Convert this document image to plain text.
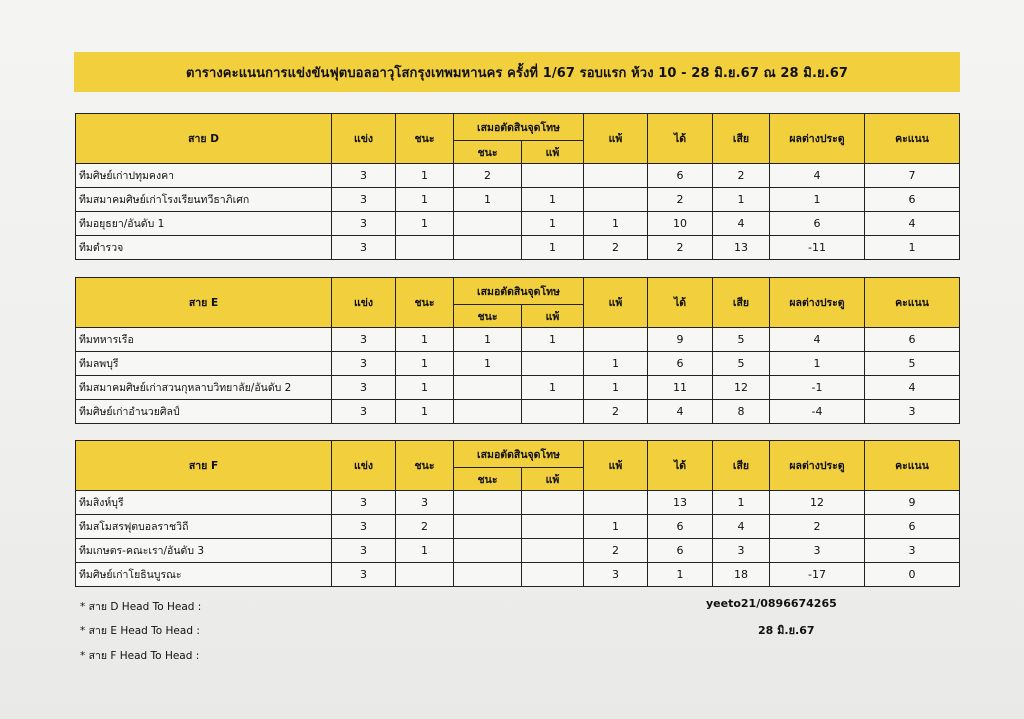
ตารางคะแนนการแข่งขันฟุตบอลอาวุโสกรุงเทพมหานคร ครั้งที่ 1/67 รอบแรก ห้วง 10 - 28 มิ.ย.67 ณ 28 มิ.ย.67
สาย D	แข่ง	ชนะ	เสมอตัดสินจุดโทษ		แพ้	ได้	เสีย	ผลต่างประตู	คะแนน
			ชนะ	แพ้					
ทีมศิษย์เก่าปทุมคงคา	3	1	2			6	2	4	7
ทีมสมาคมศิษย์เก่าโรงเรียนทวีธาภิเศก	3	1	1	1		2	1	1	6
ทีมอยุธยา/อันดับ 1	3	1		1	1	10	4	6	4
ทีมตำรวจ	3			1	2	2	13	-11	1
สาย E	แข่ง	ชนะ	เสมอตัดสินจุดโทษ		แพ้	ได้	เสีย	ผลต่างประตู	คะแนน
			ชนะ	แพ้					
ทีมทหารเรือ	3	1	1	1		9	5	4	6
ทีมลพบุรี	3	1	1		1	6	5	1	5
ทีมสมาคมศิษย์เก่าสวนกุหลาบวิทยาลัย/อันดับ 2	3	1		1	1	11	12	-1	4
ทีมศิษย์เก่าอำนวยศิลป์	3	1			2	4	8	-4	3
สาย F	แข่ง	ชนะ	เสมอตัดสินจุดโทษ		แพ้	ได้	เสีย	ผลต่างประตู	คะแนน
			ชนะ	แพ้					
ทีมสิงห์บุรี	3	3				13	1	12	9
ทีมสโมสรฟุตบอลราชวิถี	3	2			1	6	4	2	6
ทีมเกษตร-คณะเรา/อันดับ 3	3	1			2	6	3	3	3
ทีมศิษย์เก่าโยธินบูรณะ	3				3	1	18	-17	0
* สาย D Head To Head :
* สาย E Head To Head :
* สาย F Head To Head :
yeeto21/0896674265
28 มิ.ย.67
